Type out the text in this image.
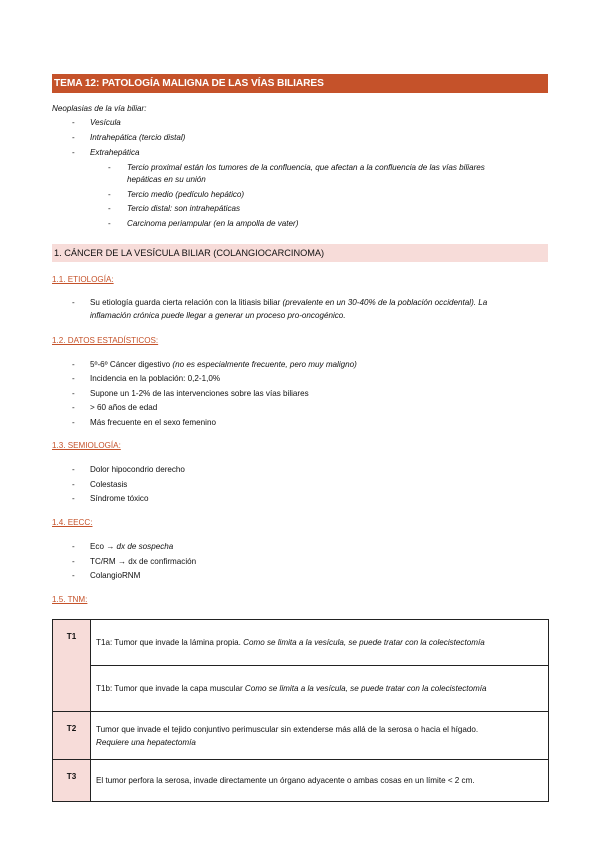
TEMA 12: PATOLOGÍA MALIGNA DE LAS VÍAS BILIARES
Neoplasias de la vía biliar:
- Vesícula
- Intrahepática (tercio distal)
- Extrahepática
- Tercio proximal están los tumores de la confluencia, que afectan a la confluencia de las vías biliares
hepáticas en su unión
- Tercio medio (pedículo hepático)
- Tercio distal: son intrahepáticas
- Carcinoma periampular (en la ampolla de vater)
1. CÁNCER DE LA VESÍCULA BILIAR (COLANGIOCARCINOMA)
1.1. ETIOLOGÍA:
- Su etiología guarda cierta relación con la litiasis biliar (prevalente en un 30-40% de la población occidental). La
inflamación crónica puede llegar a generar un proceso pro-oncogénico.
1.2. DATOS ESTADÍSTICOS:
- 5º-6º Cáncer digestivo (no es especialmente frecuente, pero muy maligno)
- Incidencia en la población: 0,2-1,0%
- Supone un 1-2% de las intervenciones sobre las vías biliares
- > 60 años de edad
- Más frecuente en el sexo femenino
1.3. SEMIOLOGÍA:
- Dolor hipocondrio derecho
- Colestasis
- Síndrome tóxico
1.4. EECC:
- Eco → dx de sospecha
- TC/RM → dx de confirmación
- ColangioRNM
1.5. TNM:
T1	T1a: Tumor que invade la lámina propia. Como se limita a la vesícula, se puede tratar con la colecistectomía
	T1b: Tumor que invade la capa muscular Como se limita a la vesícula, se puede tratar con la colecistectomía
T2	Tumor que invade el tejido conjuntivo perimuscular sin extenderse más allá de la serosa o hacia el hígado.
Requiere una hepatectomía
T3	El tumor perfora la serosa, invade directamente un órgano adyacente o ambas cosas en un límite < 2 cm.
